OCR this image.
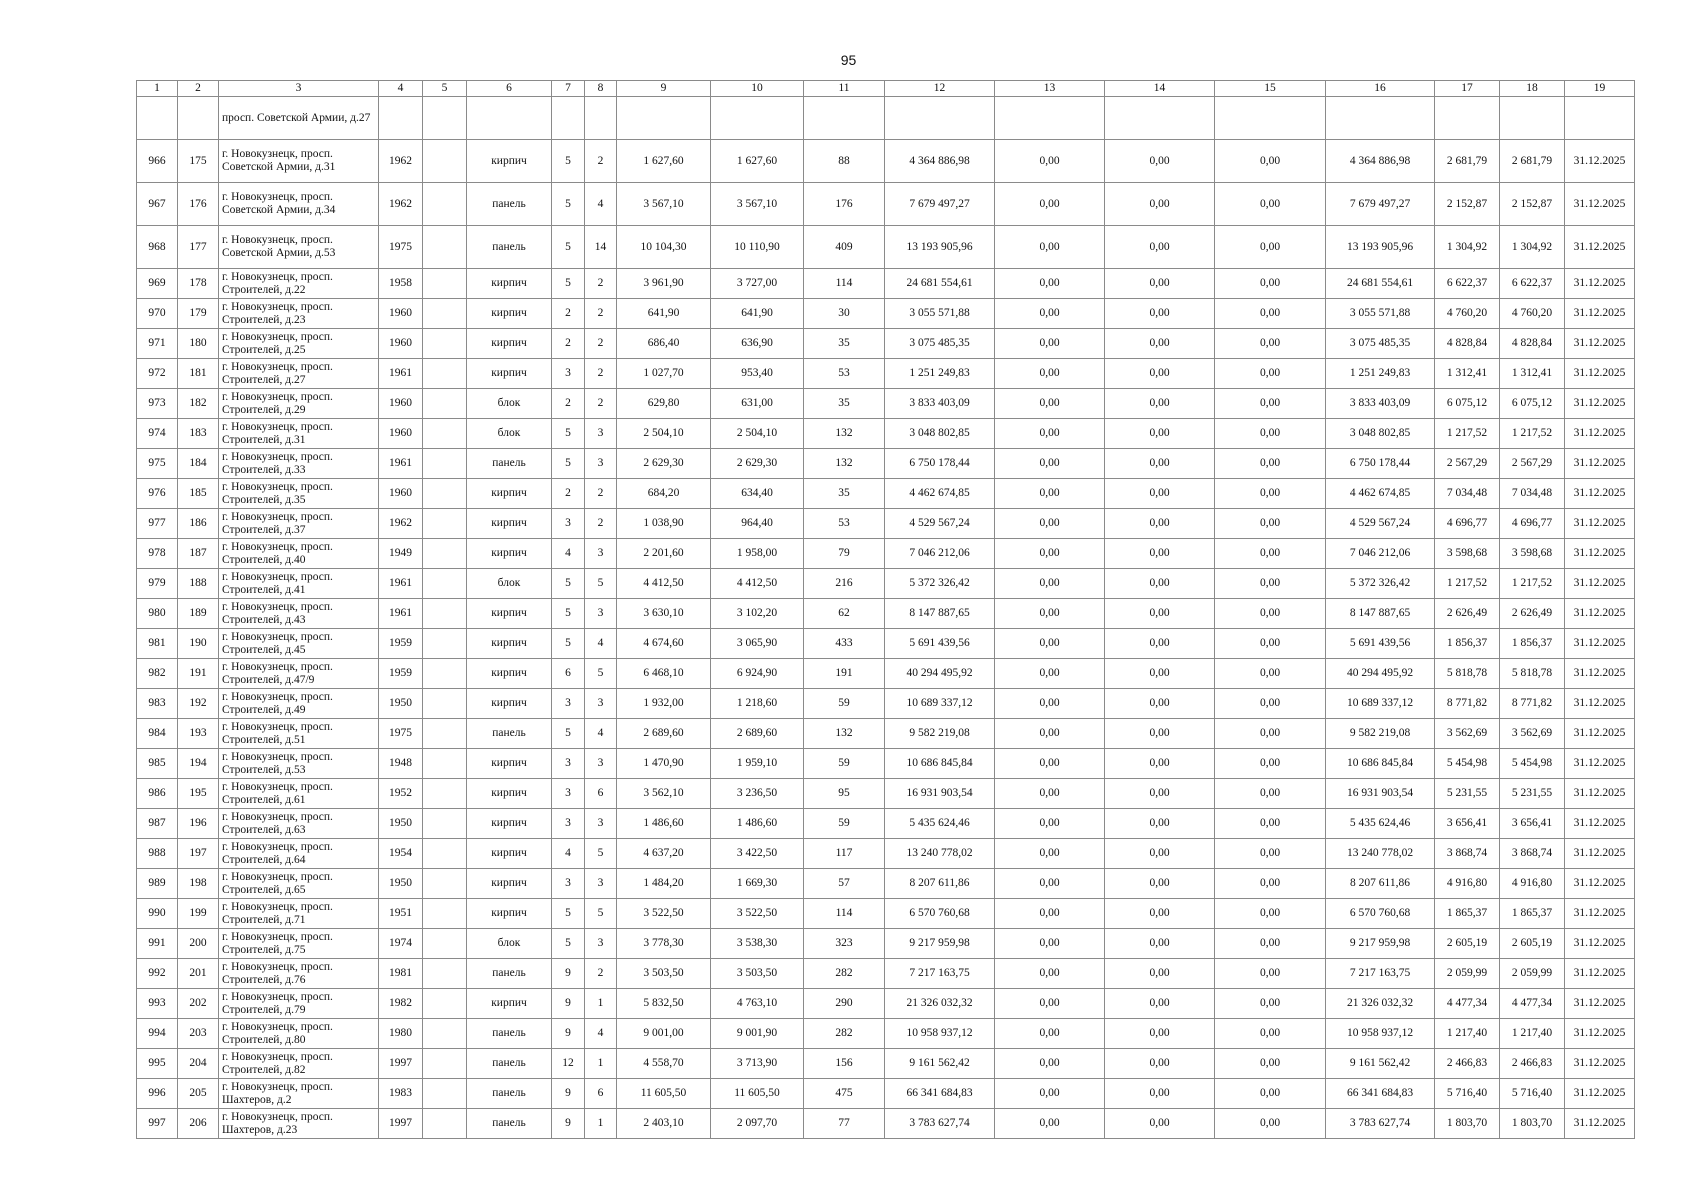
95
1	2	3	4	5	6	7	8	9	10	11	12	13	14	15	16	17	18	19
		просп. Советской Армии, д.27																
966	175	г. Новокузнецк, просп. Советской Армии, д.31	1962		кирпич	5	2	1 627,60	1 627,60	88	4 364 886,98	0,00	0,00	0,00	4 364 886,98	2 681,79	2 681,79	31.12.2025
967	176	г. Новокузнецк, просп. Советской Армии, д.34	1962		панель	5	4	3 567,10	3 567,10	176	7 679 497,27	0,00	0,00	0,00	7 679 497,27	2 152,87	2 152,87	31.12.2025
968	177	г. Новокузнецк, просп. Советской Армии, д.53	1975		панель	5	14	10 104,30	10 110,90	409	13 193 905,96	0,00	0,00	0,00	13 193 905,96	1 304,92	1 304,92	31.12.2025
969	178	г. Новокузнецк, просп. Строителей, д.22	1958		кирпич	5	2	3 961,90	3 727,00	114	24 681 554,61	0,00	0,00	0,00	24 681 554,61	6 622,37	6 622,37	31.12.2025
970	179	г. Новокузнецк, просп. Строителей, д.23	1960		кирпич	2	2	641,90	641,90	30	3 055 571,88	0,00	0,00	0,00	3 055 571,88	4 760,20	4 760,20	31.12.2025
971	180	г. Новокузнецк, просп. Строителей, д.25	1960		кирпич	2	2	686,40	636,90	35	3 075 485,35	0,00	0,00	0,00	3 075 485,35	4 828,84	4 828,84	31.12.2025
972	181	г. Новокузнецк, просп. Строителей, д.27	1961		кирпич	3	2	1 027,70	953,40	53	1 251 249,83	0,00	0,00	0,00	1 251 249,83	1 312,41	1 312,41	31.12.2025
973	182	г. Новокузнецк, просп. Строителей, д.29	1960		блок	2	2	629,80	631,00	35	3 833 403,09	0,00	0,00	0,00	3 833 403,09	6 075,12	6 075,12	31.12.2025
974	183	г. Новокузнецк, просп. Строителей, д.31	1960		блок	5	3	2 504,10	2 504,10	132	3 048 802,85	0,00	0,00	0,00	3 048 802,85	1 217,52	1 217,52	31.12.2025
975	184	г. Новокузнецк, просп. Строителей, д.33	1961		панель	5	3	2 629,30	2 629,30	132	6 750 178,44	0,00	0,00	0,00	6 750 178,44	2 567,29	2 567,29	31.12.2025
976	185	г. Новокузнецк, просп. Строителей, д.35	1960		кирпич	2	2	684,20	634,40	35	4 462 674,85	0,00	0,00	0,00	4 462 674,85	7 034,48	7 034,48	31.12.2025
977	186	г. Новокузнецк, просп. Строителей, д.37	1962		кирпич	3	2	1 038,90	964,40	53	4 529 567,24	0,00	0,00	0,00	4 529 567,24	4 696,77	4 696,77	31.12.2025
978	187	г. Новокузнецк, просп. Строителей, д.40	1949		кирпич	4	3	2 201,60	1 958,00	79	7 046 212,06	0,00	0,00	0,00	7 046 212,06	3 598,68	3 598,68	31.12.2025
979	188	г. Новокузнецк, просп. Строителей, д.41	1961		блок	5	5	4 412,50	4 412,50	216	5 372 326,42	0,00	0,00	0,00	5 372 326,42	1 217,52	1 217,52	31.12.2025
980	189	г. Новокузнецк, просп. Строителей, д.43	1961		кирпич	5	3	3 630,10	3 102,20	62	8 147 887,65	0,00	0,00	0,00	8 147 887,65	2 626,49	2 626,49	31.12.2025
981	190	г. Новокузнецк, просп. Строителей, д.45	1959		кирпич	5	4	4 674,60	3 065,90	433	5 691 439,56	0,00	0,00	0,00	5 691 439,56	1 856,37	1 856,37	31.12.2025
982	191	г. Новокузнецк, просп. Строителей, д.47/9	1959		кирпич	6	5	6 468,10	6 924,90	191	40 294 495,92	0,00	0,00	0,00	40 294 495,92	5 818,78	5 818,78	31.12.2025
983	192	г. Новокузнецк, просп. Строителей, д.49	1950		кирпич	3	3	1 932,00	1 218,60	59	10 689 337,12	0,00	0,00	0,00	10 689 337,12	8 771,82	8 771,82	31.12.2025
984	193	г. Новокузнецк, просп. Строителей, д.51	1975		панель	5	4	2 689,60	2 689,60	132	9 582 219,08	0,00	0,00	0,00	9 582 219,08	3 562,69	3 562,69	31.12.2025
985	194	г. Новокузнецк, просп. Строителей, д.53	1948		кирпич	3	3	1 470,90	1 959,10	59	10 686 845,84	0,00	0,00	0,00	10 686 845,84	5 454,98	5 454,98	31.12.2025
986	195	г. Новокузнецк, просп. Строителей, д.61	1952		кирпич	3	6	3 562,10	3 236,50	95	16 931 903,54	0,00	0,00	0,00	16 931 903,54	5 231,55	5 231,55	31.12.2025
987	196	г. Новокузнецк, просп. Строителей, д.63	1950		кирпич	3	3	1 486,60	1 486,60	59	5 435 624,46	0,00	0,00	0,00	5 435 624,46	3 656,41	3 656,41	31.12.2025
988	197	г. Новокузнецк, просп. Строителей, д.64	1954		кирпич	4	5	4 637,20	3 422,50	117	13 240 778,02	0,00	0,00	0,00	13 240 778,02	3 868,74	3 868,74	31.12.2025
989	198	г. Новокузнецк, просп. Строителей, д.65	1950		кирпич	3	3	1 484,20	1 669,30	57	8 207 611,86	0,00	0,00	0,00	8 207 611,86	4 916,80	4 916,80	31.12.2025
990	199	г. Новокузнецк, просп. Строителей, д.71	1951		кирпич	5	5	3 522,50	3 522,50	114	6 570 760,68	0,00	0,00	0,00	6 570 760,68	1 865,37	1 865,37	31.12.2025
991	200	г. Новокузнецк, просп. Строителей, д.75	1974		блок	5	3	3 778,30	3 538,30	323	9 217 959,98	0,00	0,00	0,00	9 217 959,98	2 605,19	2 605,19	31.12.2025
992	201	г. Новокузнецк, просп. Строителей, д.76	1981		панель	9	2	3 503,50	3 503,50	282	7 217 163,75	0,00	0,00	0,00	7 217 163,75	2 059,99	2 059,99	31.12.2025
993	202	г. Новокузнецк, просп. Строителей, д.79	1982		кирпич	9	1	5 832,50	4 763,10	290	21 326 032,32	0,00	0,00	0,00	21 326 032,32	4 477,34	4 477,34	31.12.2025
994	203	г. Новокузнецк, просп. Строителей, д.80	1980		панель	9	4	9 001,00	9 001,90	282	10 958 937,12	0,00	0,00	0,00	10 958 937,12	1 217,40	1 217,40	31.12.2025
995	204	г. Новокузнецк, просп. Строителей, д.82	1997		панель	12	1	4 558,70	3 713,90	156	9 161 562,42	0,00	0,00	0,00	9 161 562,42	2 466,83	2 466,83	31.12.2025
996	205	г. Новокузнецк, просп. Шахтеров, д.2	1983		панель	9	6	11 605,50	11 605,50	475	66 341 684,83	0,00	0,00	0,00	66 341 684,83	5 716,40	5 716,40	31.12.2025
997	206	г. Новокузнецк, просп. Шахтеров, д.23	1997		панель	9	1	2 403,10	2 097,70	77	3 783 627,74	0,00	0,00	0,00	3 783 627,74	1 803,70	1 803,70	31.12.2025
